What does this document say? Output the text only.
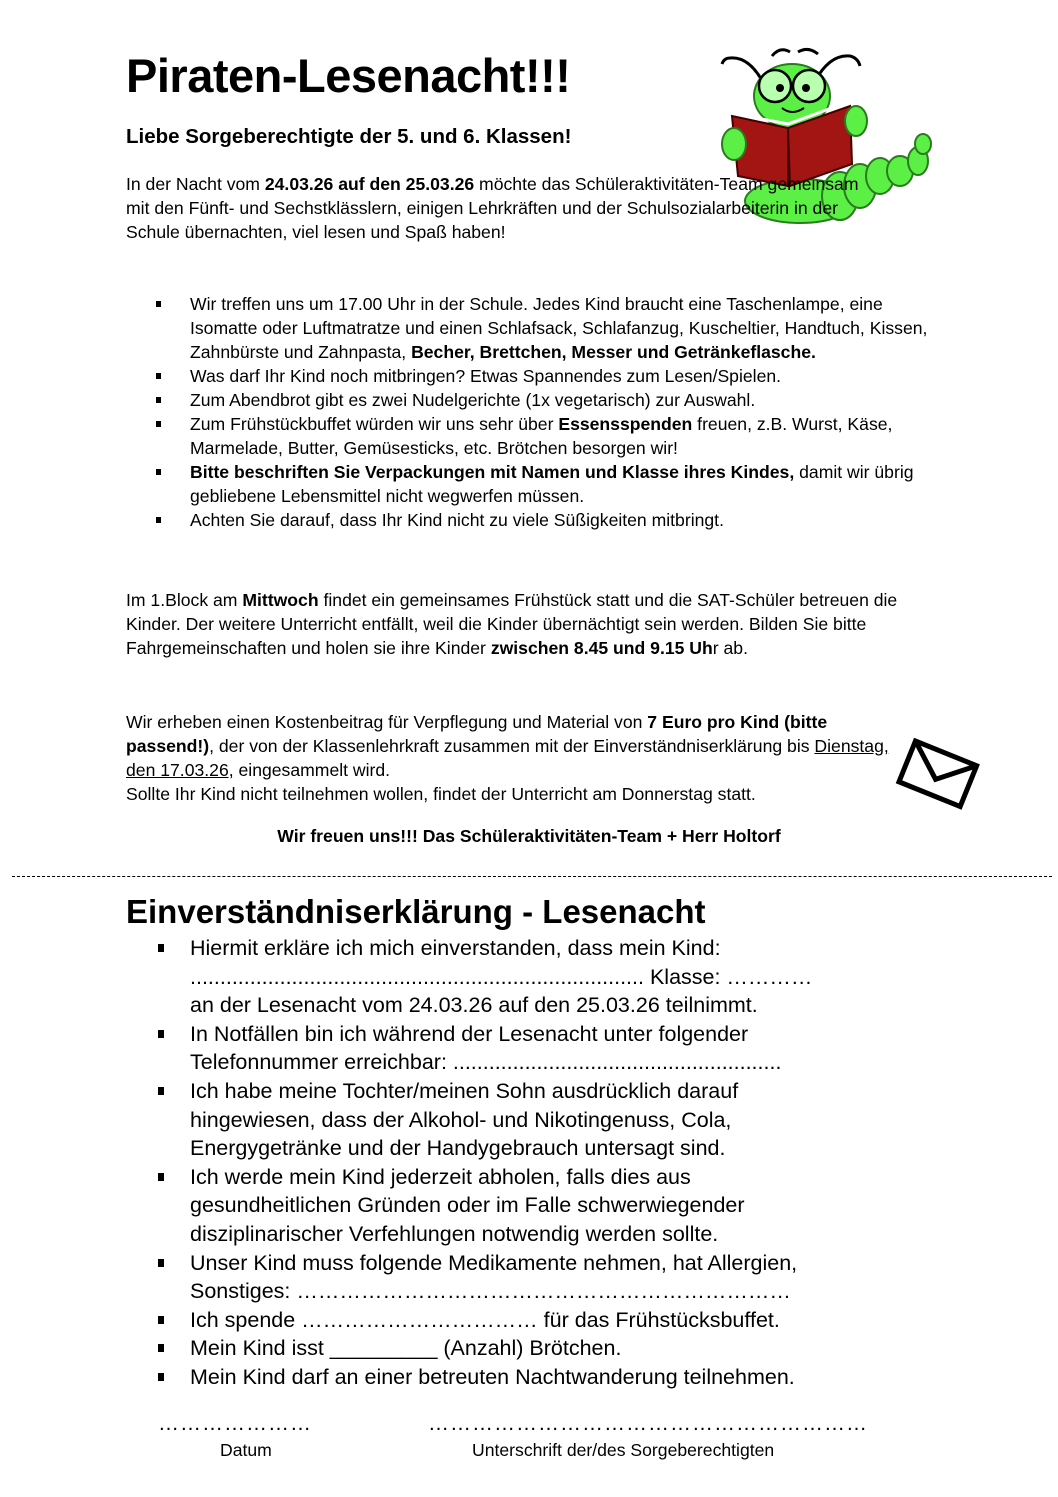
Piraten-Lesenacht!!!
Liebe Sorgeberechtigte der 5. und 6. Klassen!
In der Nacht vom 24.03.26 auf den 25.03.26 möchte das Schüleraktivitäten-Team gemeinsam mit den Fünft- und Sechstklässlern, einigen Lehrkräften und der Schulsozialarbeiterin in der Schule übernachten, viel lesen und Spaß haben!
Wir treffen uns um 17.00 Uhr in der Schule. Jedes Kind braucht eine Taschenlampe, eine Isomatte oder Luftmatratze und einen Schlafsack, Schlafanzug, Kuscheltier, Handtuch, Kissen, Zahnbürste und Zahnpasta, Becher, Brettchen, Messer und Getränkeflasche.
Was darf Ihr Kind noch mitbringen? Etwas Spannendes zum Lesen/Spielen.
Zum Abendbrot gibt es zwei Nudelgerichte (1x vegetarisch) zur Auswahl.
Zum Frühstückbuffet würden wir uns sehr über Essensspenden freuen, z.B. Wurst, Käse, Marmelade, Butter, Gemüsesticks, etc. Brötchen besorgen wir!
Bitte beschriften Sie Verpackungen mit Namen und Klasse ihres Kindes, damit wir übrig gebliebene Lebensmittel nicht wegwerfen müssen.
Achten Sie darauf, dass Ihr Kind nicht zu viele Süßigkeiten mitbringt.
Im 1.Block am Mittwoch findet ein gemeinsames Frühstück statt und die SAT-Schüler betreuen die Kinder. Der weitere Unterricht entfällt, weil die Kinder übernächtigt sein werden. Bilden Sie bitte Fahrgemeinschaften und holen sie ihre Kinder zwischen 8.45 und 9.15 Uhr ab.
Wir erheben einen Kostenbeitrag für Verpflegung und Material von 7 Euro pro Kind (bitte passend!), der von der Klassenlehrkraft zusammen mit der Einverständniserklärung bis Dienstag, den 17.03.26, eingesammelt wird.
Sollte Ihr Kind nicht teilnehmen wollen, findet der Unterricht am Donnerstag statt.
Wir freuen uns!!! Das Schüleraktivitäten-Team + Herr Holtorf
Einverständniserklärung - Lesenacht
Hiermit erkläre ich mich einverstanden, dass mein Kind:
............................................................................ Klasse: …………
an der Lesenacht vom 24.03.26 auf den 25.03.26 teilnimmt.
In Notfällen bin ich während der Lesenacht unter folgender
Telefonnummer erreichbar: .......................................................
Ich habe meine Tochter/meinen Sohn ausdrücklich darauf
hingewiesen, dass der Alkohol- und Nikotingenuss, Cola,
Energygetränke und der Handygebrauch untersagt sind.
Ich werde mein Kind jederzeit abholen, falls dies aus
gesundheitlichen Gründen oder im Falle schwerwiegender
disziplinarischer Verfehlungen notwendig werden sollte.
Unser Kind muss folgende Medikamente nehmen, hat Allergien,
Sonstiges: ……………………………………………………………
Ich spende …………………………… für das Frühstücksbuffet.
Mein Kind isst _________ (Anzahl) Brötchen.
Mein Kind darf an einer betreuten Nachtwanderung teilnehmen.
…………………	……………………………………………………
Datum	Unterschrift der/des Sorgeberechtigten
